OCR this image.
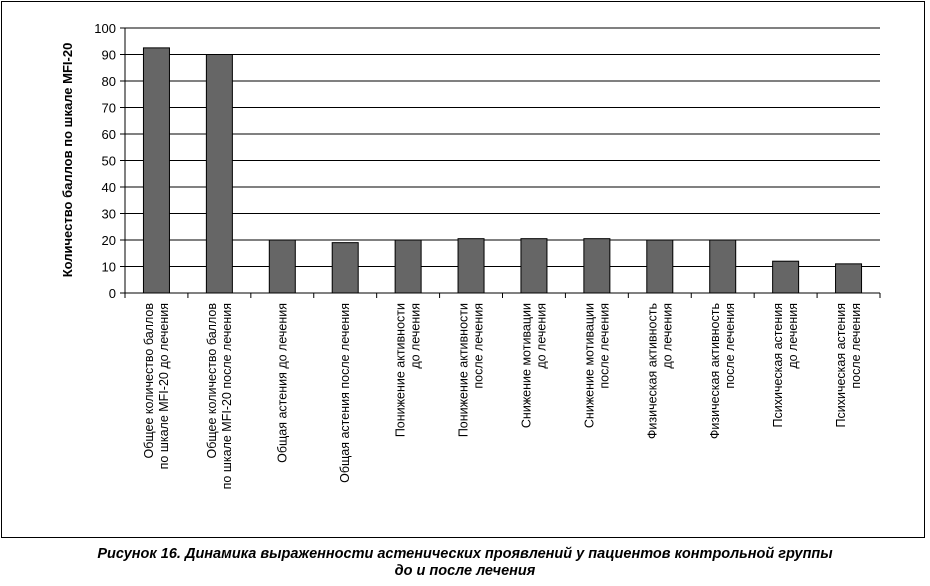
0
10
20
30
40
50
60
70
80
90
100
Общее количество баллов по шкале MFI-20 до лечения	Общее количество баллов по шкале MFI-20 после лечения	Общая астения до лечения	Общая астения после лечения	Понижение активности до лечения	Понижение активности после лечения	Снижение мотивации до лечения	Снижение мотивации после лечения	Физическая активность до лечения	Физическая активность после лечения	Психическая астения до лечения	Психическая астения после лечения
Количество баллов по шкале MFI-20
Рисунок 16. Динамика выраженности астенических проявлений у пациентов контрольной группы
до и после лечения
